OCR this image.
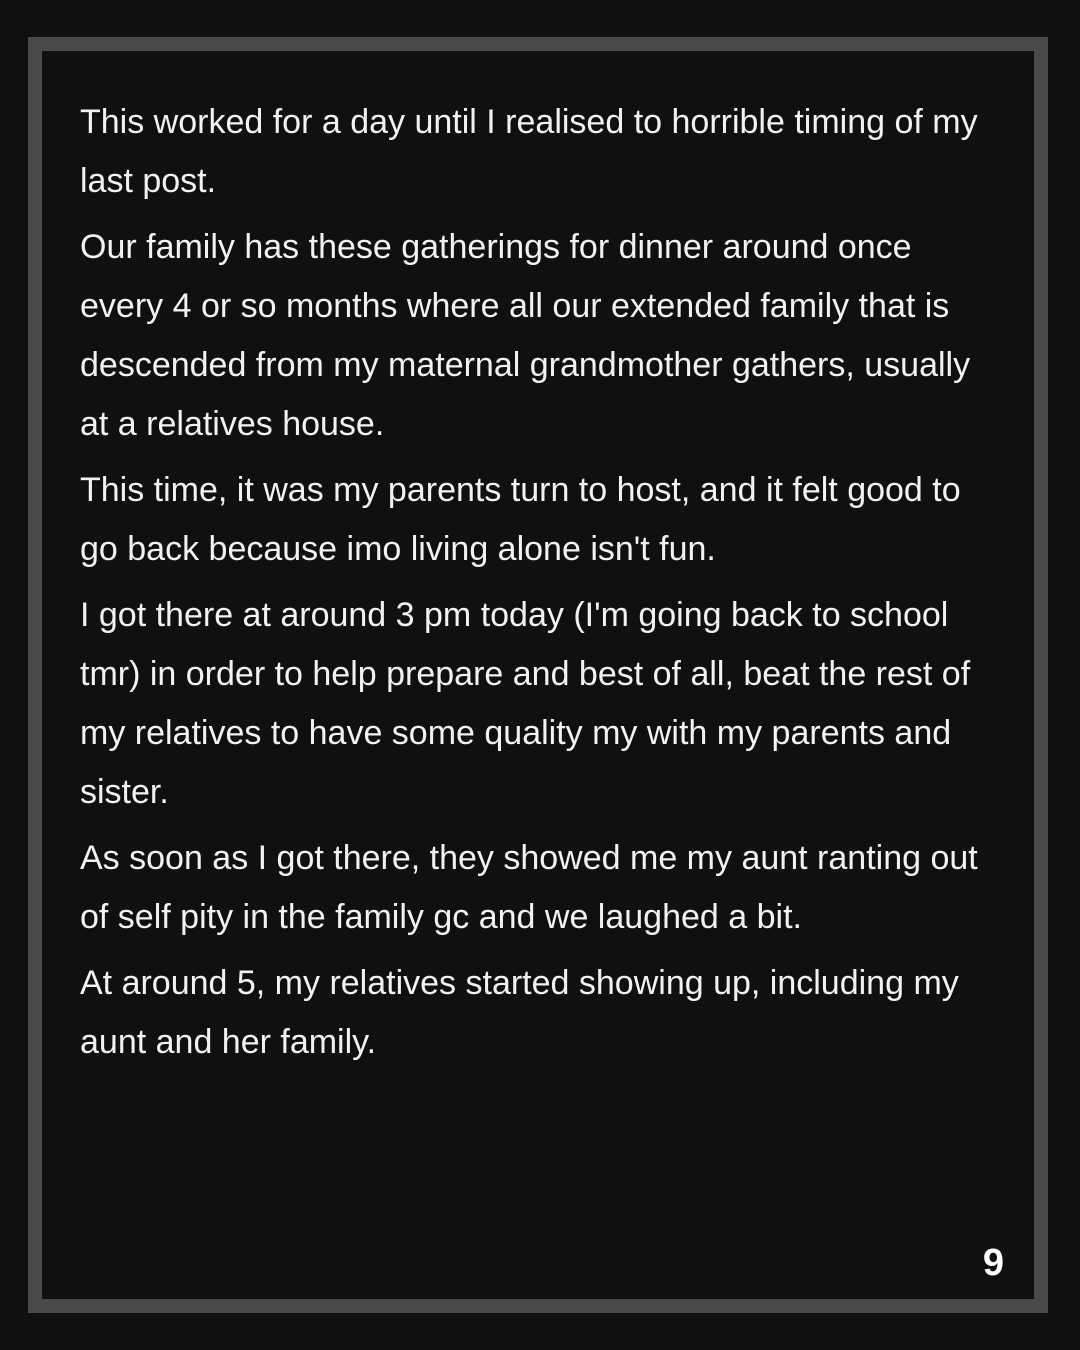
This worked for a day until I realised to horrible timing of my last post.

Our family has these gatherings for dinner around once every 4 or so months where all our extended family that is descended from my maternal grandmother gathers, usually at a relatives house.

This time, it was my parents turn to host, and it felt good to go back because imo living alone isn't fun.

I got there at around 3 pm today (I'm going back to school tmr) in order to help prepare and best of all, beat the rest of my relatives to have some quality my with my parents and sister.

As soon as I got there, they showed me my aunt ranting out of self pity in the family gc and we laughed a bit.

At around 5, my relatives started showing up, including my aunt and her family.

9
